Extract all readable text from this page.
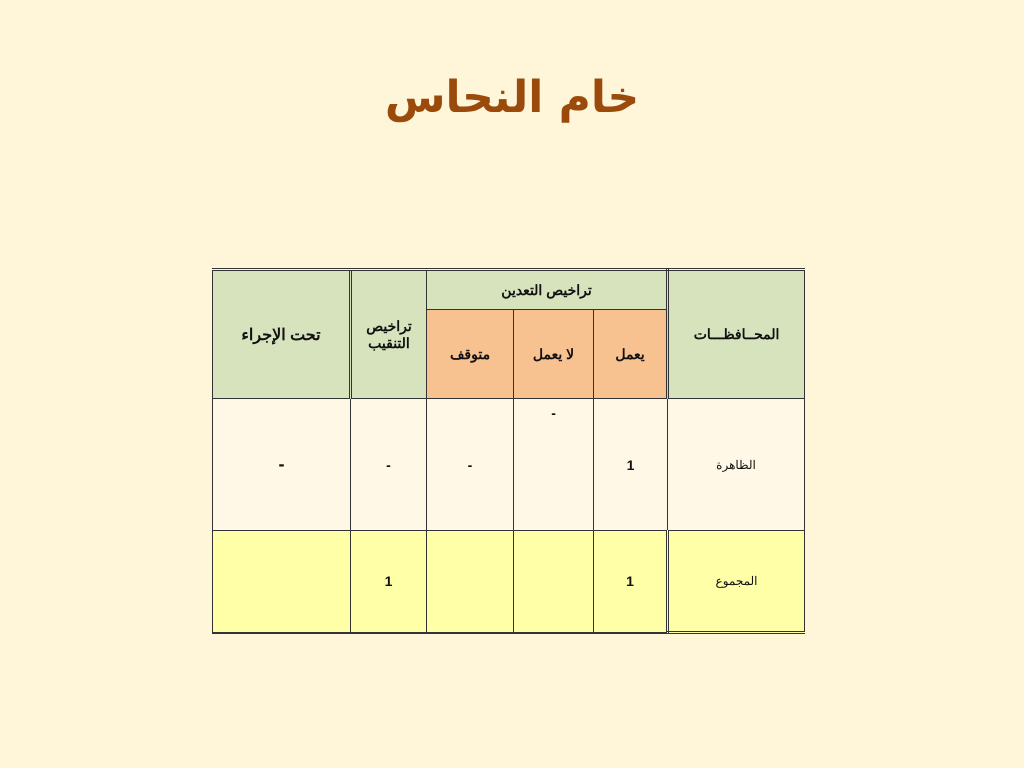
خام النحاس
المحــافظـــات	تراخيص التعدين			تراخيص التنقيب	تحت الإجراء
	يعمل	لا يعمل	متوقف		
الظاهرة	1	-	-	-	-
المجموع	1			1	
